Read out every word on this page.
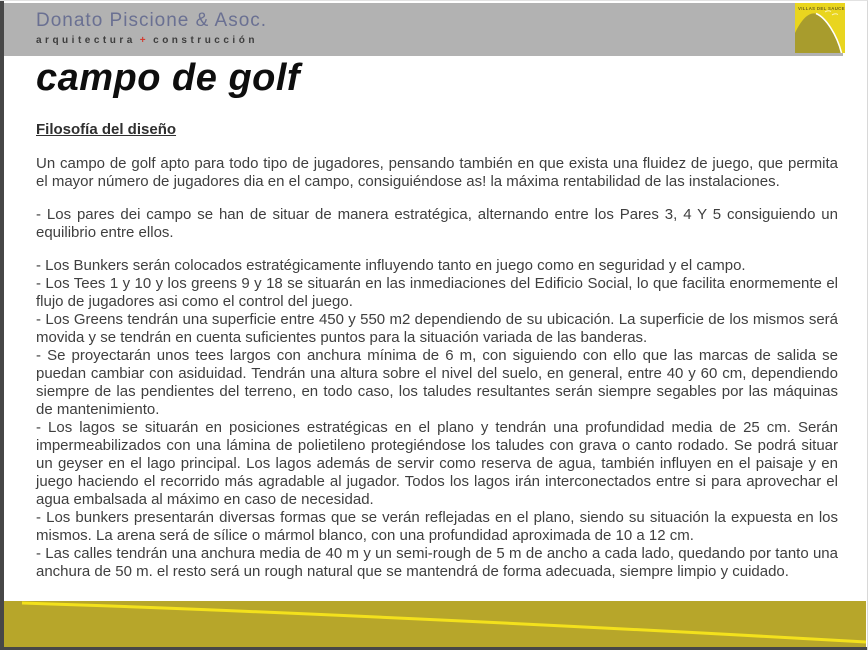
Donato Piscione & Asoc.
arquitectura + construcción
VILLAS DEL SAUCE
campo de golf
Filosofía del diseño

Un campo de golf apto para todo tipo de jugadores, pensando también en que exista una fluidez de juego, que permita el mayor número de jugadores dia en el campo, consiguiéndose as! la máxima rentabilidad de las instalaciones.

- Los pares dei campo se han de situar de manera estratégica, alternando entre los Pares 3, 4 Y 5 consiguiendo un equilibrio entre ellos.

- Los Bunkers serán colocados estratégicamente influyendo tanto en juego como en seguridad y el campo.

- Los Tees 1 y 10 y los greens 9 y 18 se situarán en las inmediaciones del Edificio Social, lo que facilita enormemente el flujo de jugadores asi como el control del juego.

- Los Greens tendrán una superficie entre 450 y 550 m2 dependiendo de su ubicación. La superficie de los mismos será movida y se tendrán en cuenta suficientes puntos para la situación variada de las banderas.

- Se proyectarán unos tees largos con anchura mínima de 6 m, con siguiendo con ello que las marcas de salida se puedan cambiar con asiduidad. Tendrán una altura sobre el nivel del suelo, en general, entre 40 y 60 cm, dependiendo siempre de las pendientes del terreno, en todo caso, los taludes resultantes serán siempre segables por las máquinas de mantenimiento.

- Los lagos se situarán en posiciones estratégicas en el plano y tendrán una profundidad media de 25 cm. Serán impermeabilizados con una lámina de polietileno protegiéndose los taludes con grava o canto rodado. Se podrá situar un geyser en el lago principal. Los lagos además de servir como reserva de agua, también influyen en el paisaje y en juego haciendo el recorrido más agradable al jugador. Todos los lagos irán interconectados entre si para aprovechar el agua embalsada al máximo en caso de necesidad.

- Los bunkers presentarán diversas formas que se verán reflejadas en el plano, siendo su situación la expuesta en los mismos. La arena será de sílice o mármol blanco, con una profundidad aproximada de 10 a 12 cm.

- Las calles tendrán una anchura media de 40 m y un semi-rough de 5 m de ancho a cada lado, quedando por tanto una anchura de 50 m. el resto será un rough natural que se mantendrá de forma adecuada, siempre limpio y cuidado.
